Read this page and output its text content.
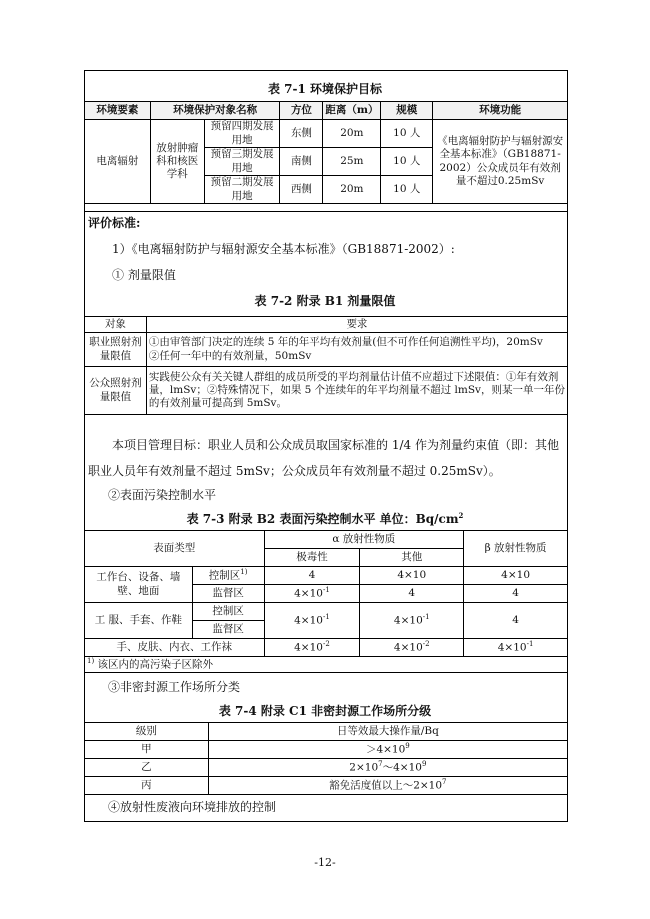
表 7-1 环境保护目标
环境要素	环境保护对象名称		方位	距离（m）	规模	环境功能
电离辐射	放射肿瘤科和核医学科	预留四期发展用地	东侧	20m	10 人	《电离辐射防护与辐射源安全基本标准》（GB18871-2002）公众成员年有效剂量不超过0.25mSv
		预留三期发展用地	南侧	25m	10 人	
		预留二期发展用地	西侧	20m	10 人	
评价标准:
1）《电离辐射防护与辐射源安全基本标准》（GB18871-2002）:
① 剂量限值
表 7-2 附录 B1 剂量限值
对象	要求
职业照射剂量限值	①由审管部门决定的连续 5 年的年平均有效剂量(但不可作任何追溯性平均)，20mSv
②任何一年中的有效剂量，50mSv

公众照射剂量限值	实践使公众有关关键人群组的成员所受的平均剂量估计值不应超过下述限值：①年有效剂量，lmSv；②特殊情况下，如果 5 个连续年的年平均剂量不超过 lmSv，则某一单一年份的有效剂量可提高到 5mSv。
本项目管理目标：职业人员和公众成员取国家标准的 1/4 作为剂量约束值（即：其他职业人员年有效剂量不超过 5mSv；公众成员年有效剂量不超过 0.25mSv）。
②表面污染控制水平
表 7-3 附录 B2 表面污染控制水平 单位：$Bq/cm^2$
表面类型		α 放射性物质		β 放射性物质
		极毒性	其他	
工作台、设备、墙壁、地面	控制区$^{1)}$	4	4×10	4×10
	监督区	$4\times 10^{-1}$	4	4
工 服、手套、作鞋	控制区	$4\times 10^{-1}$	$4\times 10^{-1}$	4
	监督区			
手、皮肤、内衣、工作袜		$4\times 10^{-2}$	$4\times 10^{-2}$	$4\times 10^{-1}$
$^{1)}$ 该区内的高污染子区除外				
③非密封源工作场所分类
表 7-4 附录 C1 非密封源工作场所分级
级别	日等效最大操作量/Bq
甲	$>4\times 10^9$
乙	$2\times 10^7\sim 4\times 10^9$
丙	豁免活度值以上$\sim 2\times 10^7$
④放射性废液向环境排放的控制
-12-
